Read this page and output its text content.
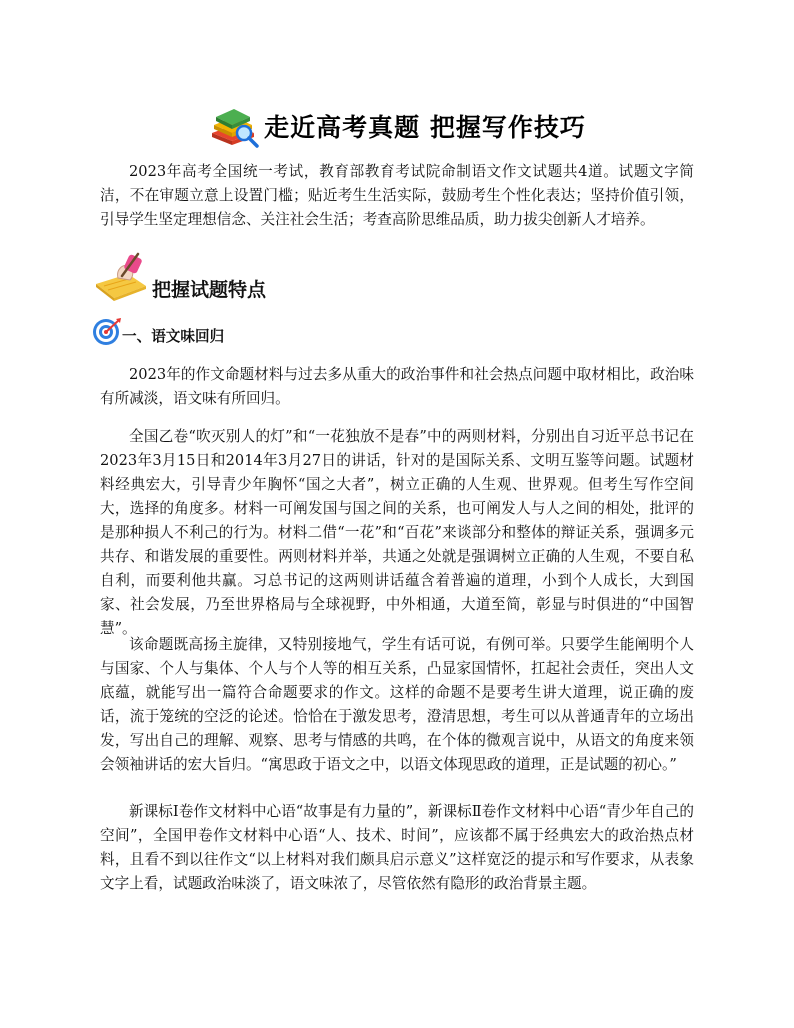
走近高考真题 把握写作技巧

2023年高考全国统一考试，教育部教育考试院命制语文作文试题共4道。试题文字简洁，不在审题立意上设置门槛；贴近考生生活实际，鼓励考生个性化表达；坚持价值引领，引导学生坚定理想信念、关注社会生活；考查高阶思维品质，助力拔尖创新人才培养。

把握试题特点
一、语文味回归

2023年的作文命题材料与过去多从重大的政治事件和社会热点问题中取材相比，政治味有所减淡，语文味有所回归。

全国乙卷“吹灭别人的灯”和“一花独放不是春”中的两则材料，分别出自习近平总书记在2023年3月15日和2014年3月27日的讲话，针对的是国际关系、文明互鉴等问题。试题材料经典宏大，引导青少年胸怀“国之大者”，树立正确的人生观、世界观。但考生写作空间大，选择的角度多。材料一可阐发国与国之间的关系，也可阐发人与人之间的相处，批评的是那种损人不利己的行为。材料二借“一花”和“百花”来谈部分和整体的辩证关系，强调多元共存、和谐发展的重要性。两则材料并举，共通之处就是强调树立正确的人生观，不要自私自利，而要利他共赢。习总书记的这两则讲话蕴含着普遍的道理，小到个人成长，大到国家、社会发展，乃至世界格局与全球视野，中外相通，大道至简，彰显与时俱进的“中国智慧”。

该命题既高扬主旋律，又特别接地气，学生有话可说，有例可举。只要学生能阐明个人与国家、个人与集体、个人与个人等的相互关系，凸显家国情怀，扛起社会责任，突出人文底蕴，就能写出一篇符合命题要求的作文。这样的命题不是要考生讲大道理，说正确的废话，流于笼统的空泛的论述。恰恰在于激发思考，澄清思想，考生可以从普通青年的立场出发，写出自己的理解、观察、思考与情感的共鸣，在个体的微观言说中，从语文的角度来领会领袖讲话的宏大旨归。“寓思政于语文之中，以语文体现思政的道理，正是试题的初心。”

新课标Ⅰ卷作文材料中心语“故事是有力量的”，新课标Ⅱ卷作文材料中心语“青少年自己的空间”，全国甲卷作文材料中心语“人、技术、时间”，应该都不属于经典宏大的政治热点材料，且看不到以往作文“以上材料对我们颇具启示意义”这样宽泛的提示和写作要求，从表象文字上看，试题政治味淡了，语文味浓了，尽管依然有隐形的政治背景主题。
